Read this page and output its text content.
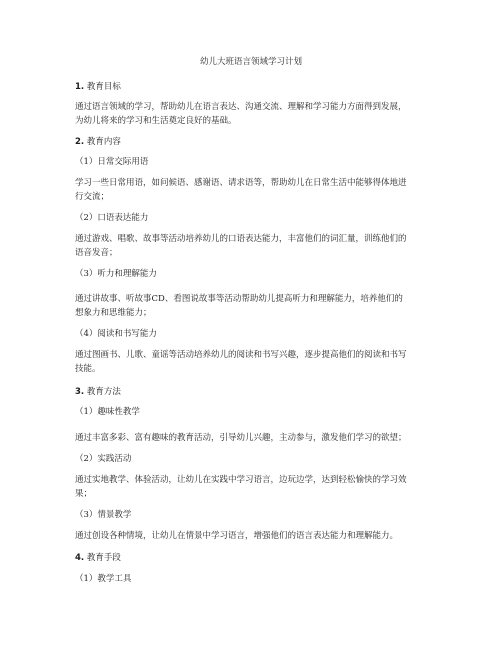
幼儿大班语言领域学习计划
1. 教育目标
通过语言领域的学习，帮助幼儿在语言表达、沟通交流、理解和学习能力方面得到发展，
为幼儿将来的学习和生活奠定良好的基础。
2. 教育内容
（1）日常交际用语
学习一些日常用语，如问候语、感谢语、请求语等，帮助幼儿在日常生活中能够得体地进
行交流；
（2）口语表达能力
通过游戏、唱歌、故事等活动培养幼儿的口语表达能力，丰富他们的词汇量，训练他们的
语音发音；
（3）听力和理解能力
通过讲故事、听故事CD、看图说故事等活动帮助幼儿提高听力和理解能力，培养他们的
想象力和思维能力；
（4）阅读和书写能力
通过图画书、儿歌、童谣等活动培养幼儿的阅读和书写兴趣，逐步提高他们的阅读和书写
技能。
3. 教育方法
（1）趣味性教学
通过丰富多彩、富有趣味的教育活动，引导幼儿兴趣，主动参与，激发他们学习的欲望；
（2）实践活动
通过实地教学、体验活动，让幼儿在实践中学习语言，边玩边学，达到轻松愉快的学习效
果；
（3）情景教学
通过创设各种情境，让幼儿在情景中学习语言，增强他们的语言表达能力和理解能力。
4. 教育手段
（1）教学工具
